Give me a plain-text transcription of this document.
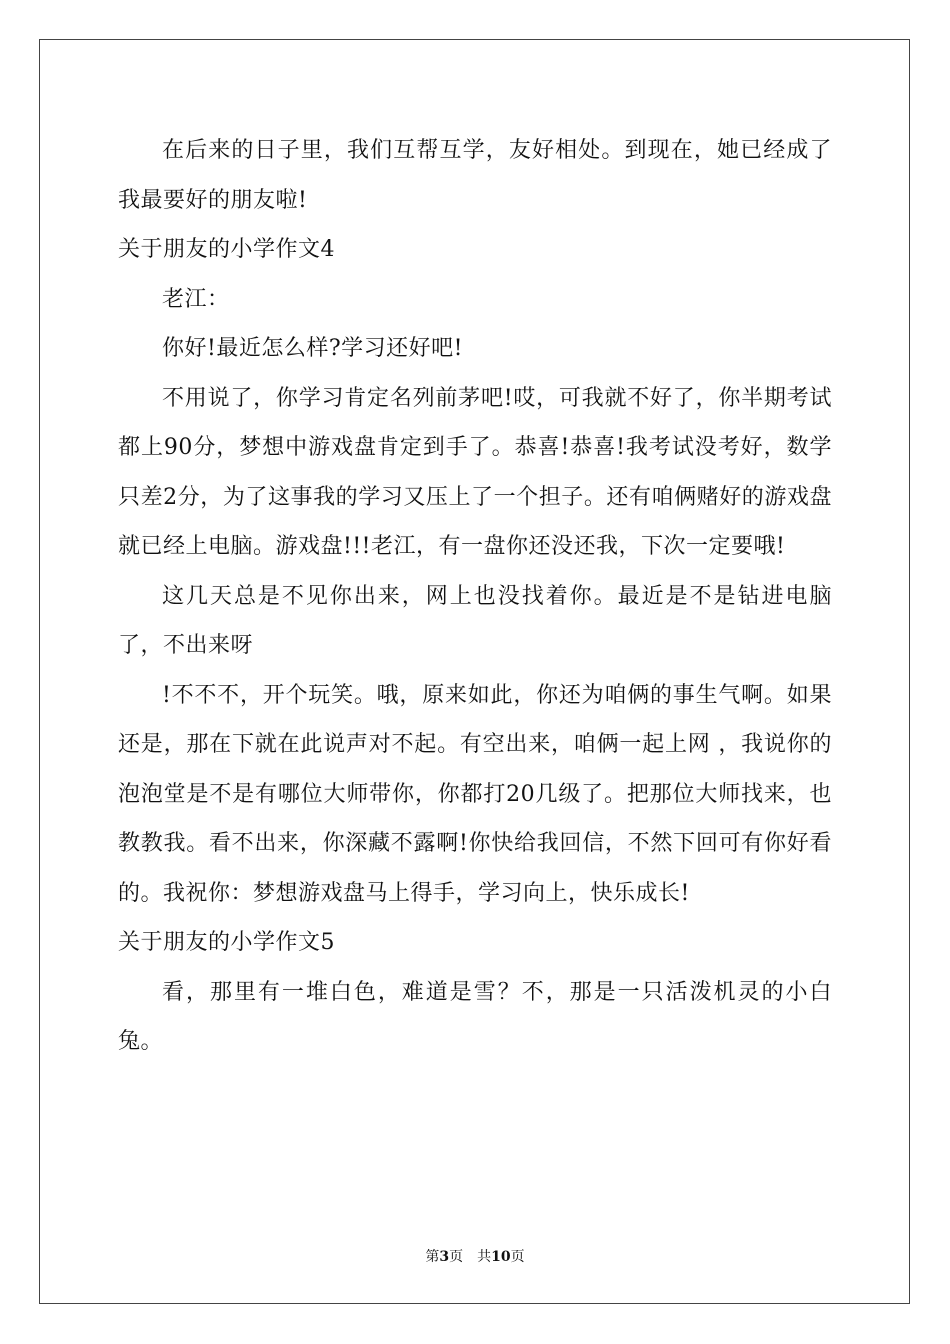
在后来的日子里，我们互帮互学，友好相处。到现在，她已经成了我最要好的朋友啦!

关于朋友的小学作文4

老江：

你好!最近怎么样?学习还好吧!

不用说了，你学习肯定名列前茅吧!哎，可我就不好了，你半期考试都上90分，梦想中游戏盘肯定到手了。恭喜!恭喜!我考试没考好，数学只差2分，为了这事我的学习又压上了一个担子。还有咱俩赌好的游戏盘就已经上电脑。游戏盘!!!老江，有一盘你还没还我，下次一定要哦!

这几天总是不见你出来，网上也没找着你。最近是不是钻进电脑了，不出来呀

!不不不，开个玩笑。哦，原来如此，你还为咱俩的事生气啊。如果还是，那在下就在此说声对不起。有空出来，咱俩一起上网 ，我说你的泡泡堂是不是有哪位大师带你，你都打20几级了。把那位大师找来，也教教我。看不出来，你深藏不露啊!你快给我回信，不然下回可有你好看的。我祝你：梦想游戏盘马上得手，学习向上，快乐成长!

关于朋友的小学作文5

看，那里有一堆白色，难道是雪？不，那是一只活泼机灵的小白兔。

第3页 共10页
